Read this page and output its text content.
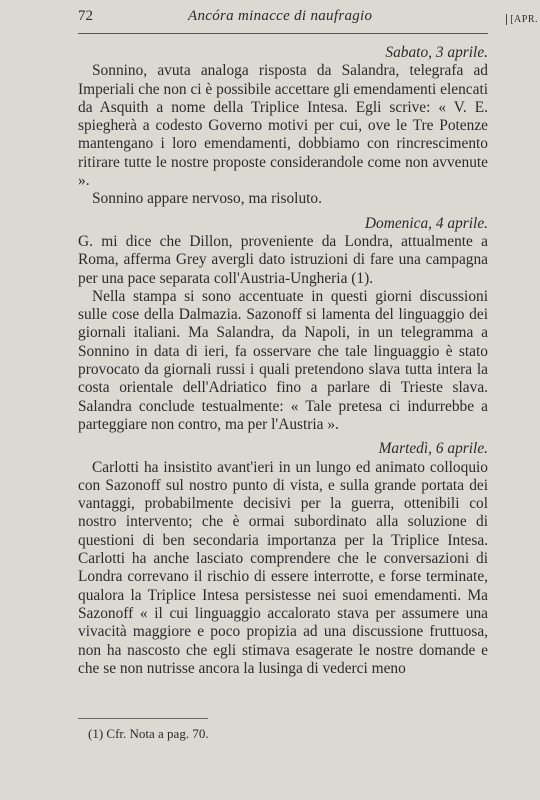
72	Ancóra minacce di naufragio	[APR.

Sabato, 3 aprile.

Sonnino, avuta analoga risposta da Salandra, telegrafa ad Imperiali che non ci è possibile accettare gli emendamenti elencati da Asquith a nome della Triplice Intesa. Egli scrive: « V. E. spiegherà a codesto Governo motivi per cui, ove le Tre Potenze mantengano i loro emendamenti, dobbiamo con rincrescimento ritirare tutte le nostre proposte considerandole come non avvenute ».

Sonnino appare nervoso, ma risoluto.

Domenica, 4 aprile.

G. mi dice che Dillon, proveniente da Londra, attualmente a Roma, afferma Grey avergli dato istruzioni di fare una campagna per una pace separata coll'Austria-Ungheria (1).

Nella stampa si sono accentuate in questi giorni discussioni sulle cose della Dalmazia. Sazonoff si lamenta del linguaggio dei giornali italiani. Ma Salandra, da Napoli, in un telegramma a Sonnino in data di ieri, fa osservare che tale linguaggio è stato provocato da giornali russi i quali pretendono slava tutta intera la costa orientale dell'Adriatico fino a parlare di Trieste slava. Salandra conclude testualmente: « Tale pretesa ci indurrebbe a parteggiare non contro, ma per l'Austria ».

Martedì, 6 aprile.

Carlotti ha insistito avant'ieri in un lungo ed animato colloquio con Sazonoff sul nostro punto di vista, e sulla grande portata dei vantaggi, probabilmente decisivi per la guerra, ottenibili col nostro intervento; che è ormai subordinato alla soluzione di questioni di ben secondaria importanza per la Triplice Intesa. Carlotti ha anche lasciato comprendere che le conversazioni di Londra correvano il rischio di essere interrotte, e forse terminate, qualora la Triplice Intesa persistesse nei suoi emendamenti. Ma Sazonoff « il cui linguaggio accalorato stava per assumere una vivacità maggiore e poco propizia ad una discussione fruttuosa, non ha nascosto che egli stimava esagerate le nostre domande e che se non nutrisse ancora la lusinga di vederci meno

(1) Cfr. Nota a pag. 70.
